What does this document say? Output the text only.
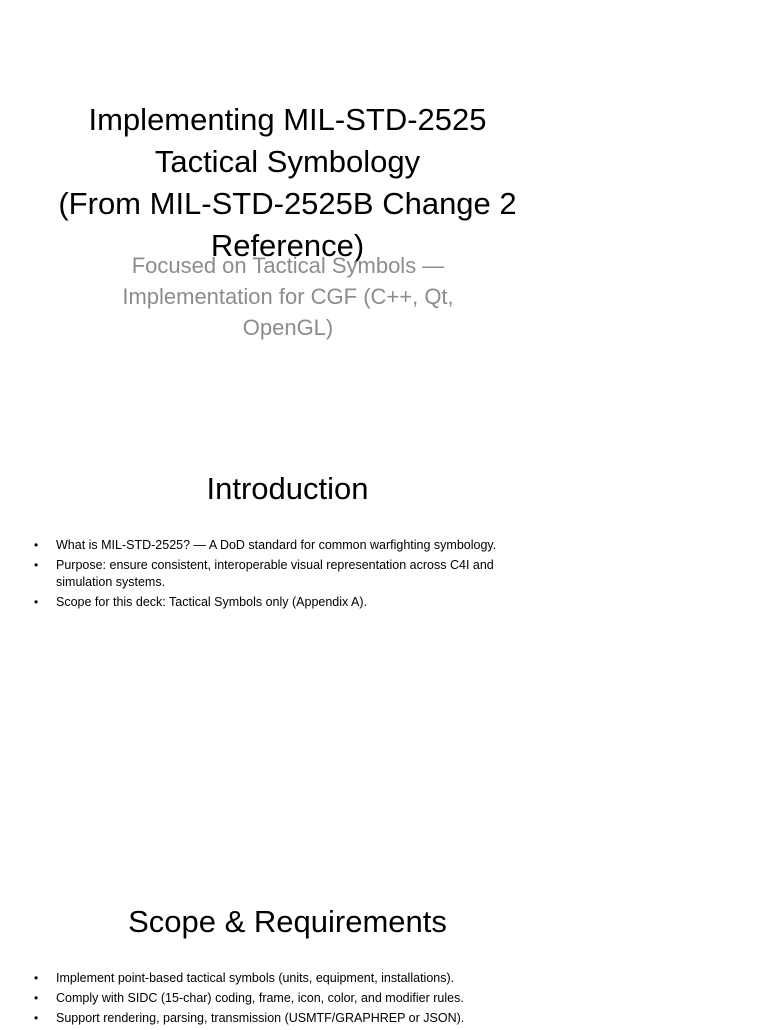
Implementing MIL-STD-2525
Tactical Symbology
(From MIL-STD-2525B Change 2
Reference)
Focused on Tactical Symbols —
Implementation for CGF (C++, Qt,
OpenGL)
Introduction
• What is MIL-STD-2525? — A DoD standard for common warfighting symbology.
• Purpose: ensure consistent, interoperable visual representation across C4I and simulation systems.
• Scope for this deck: Tactical Symbols only (Appendix A).
Scope & Requirements
• Implement point-based tactical symbols (units, equipment, installations).
• Comply with SIDC (15-char) coding, frame, icon, color, and modifier rules.
• Support rendering, parsing, transmission (USMTF/GRAPHREP or JSON).
